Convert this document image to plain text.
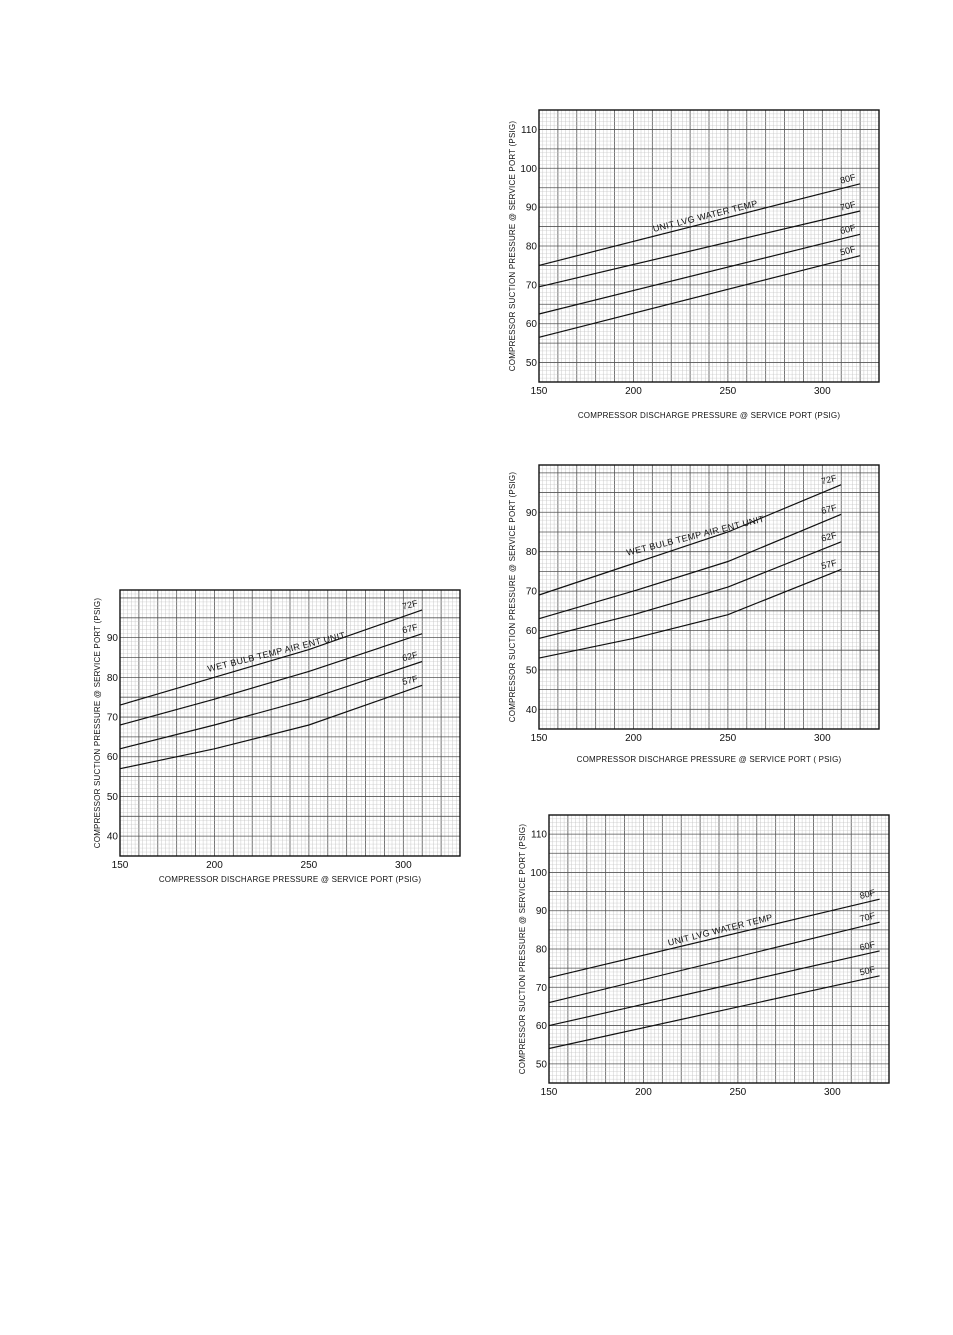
150	200	250	300
50
60
70
80
90
100
110
COMPRESSOR DISCHARGE PRESSURE @ SERVICE PORT (PSIG)
COMPRESSOR SUCTION PRESSURE @ SERVICE PORT (PSIG)	80F
70F
60F
50F
UNIT LVG WATER TEMP
150	200	250	300
40
50
60
70
80
90
COMPRESSOR DISCHARGE PRESSURE @ SERVICE PORT ( PSIG)
COMPRESSOR SUCTION PRESSURE @ SERVICE PORT (PSIG)	72F
67F
62F
57F
WET BULB TEMP AIR ENT UNIT
150	200	250	300
40
50
60
70
80
90
COMPRESSOR DISCHARGE PRESSURE @ SERVICE PORT (PSIG)
COMPRESSOR SUCTION PRESSURE @ SERVICE PORT (PSIG)	72F
67F
62F
57F
WET BULB TEMP AIR ENT UNIT
150	200	250	300
50
60
70
80
90
100
110
COMPRESSOR SUCTION PRESSURE @ SERVICE PORT (PSIG)	80F
70F
60F
50F
UNIT LVG WATER TEMP
